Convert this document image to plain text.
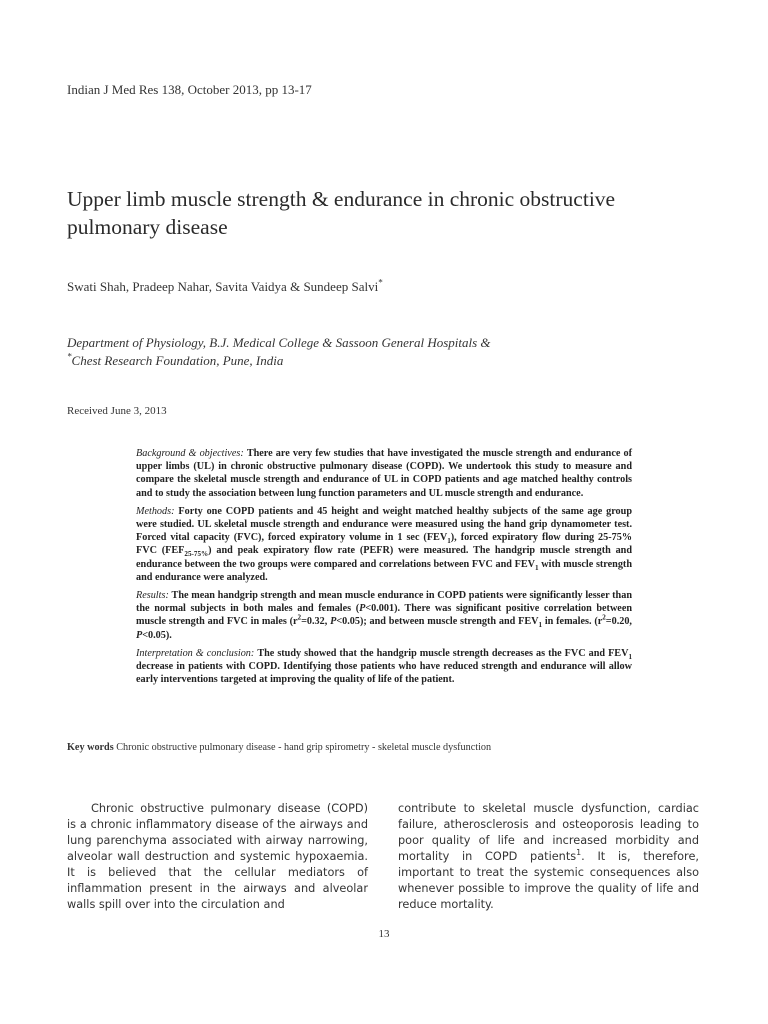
Indian J Med Res 138, October 2013, pp 13-17
Upper limb muscle strength & endurance in chronic obstructive pulmonary disease
Swati Shah, Pradeep Nahar, Savita Vaidya & Sundeep Salvi*
Department of Physiology, B.J. Medical College & Sassoon General Hospitals &
*Chest Research Foundation, Pune, India
Received June 3, 2013

Background & objectives: There are very few studies that have investigated the muscle strength and endurance of upper limbs (UL) in chronic obstructive pulmonary disease (COPD). We undertook this study to measure and compare the skeletal muscle strength and endurance of UL in COPD patients and age matched healthy controls and to study the association between lung function parameters and UL muscle strength and endurance.

Methods: Forty one COPD patients and 45 height and weight matched healthy subjects of the same age group were studied. UL skeletal muscle strength and endurance were measured using the hand grip dynamometer test. Forced vital capacity (FVC), forced expiratory volume in 1 $\sec (FEV_1)$, forced expiratory flow during 25-75% FVC $(FEF_{25-75\%})$ and peak expiratory flow rate (PEFR) were measured. The handgrip muscle strength and endurance between the two groups were compared and correlations between FVC and $FEV_1$ with muscle strength and endurance were analyzed.

Results: The mean handgrip strength and mean muscle endurance in COPD patients were significantly lesser than the normal subjects in both males and females (P<0.001). There was significant positive correlation between muscle strength and FVC in males ($r^2=0.32$, P<0.05); and between muscle strength and $FEV_1$ in females. ($r^2=0.20$, P<0.05).

Interpretation & conclusion: The study showed that the handgrip muscle strength decreases as the FVC and $FEV_1$ decrease in patients with COPD. Identifying those patients who have reduced strength and endurance will allow early interventions targeted at improving the quality of life of the patient.

Key words Chronic obstructive pulmonary disease - hand grip spirometry - skeletal muscle dysfunction
Chronic obstructive pulmonary disease (COPD) is a chronic inflammatory disease of the airways and lung parenchyma associated with airway narrowing, alveolar wall destruction and systemic hypoxaemia. It is believed that the cellular mediators of inflammation present in the airways and alveolar walls spill over into the circulation and
contribute to skeletal muscle dysfunction, cardiac failure, atherosclerosis and osteoporosis leading to poor quality of life and increased morbidity and mortality in COPD patients$^1$. It is, therefore, important to treat the systemic consequences also whenever possible to improve the quality of life and reduce mortality.
13
